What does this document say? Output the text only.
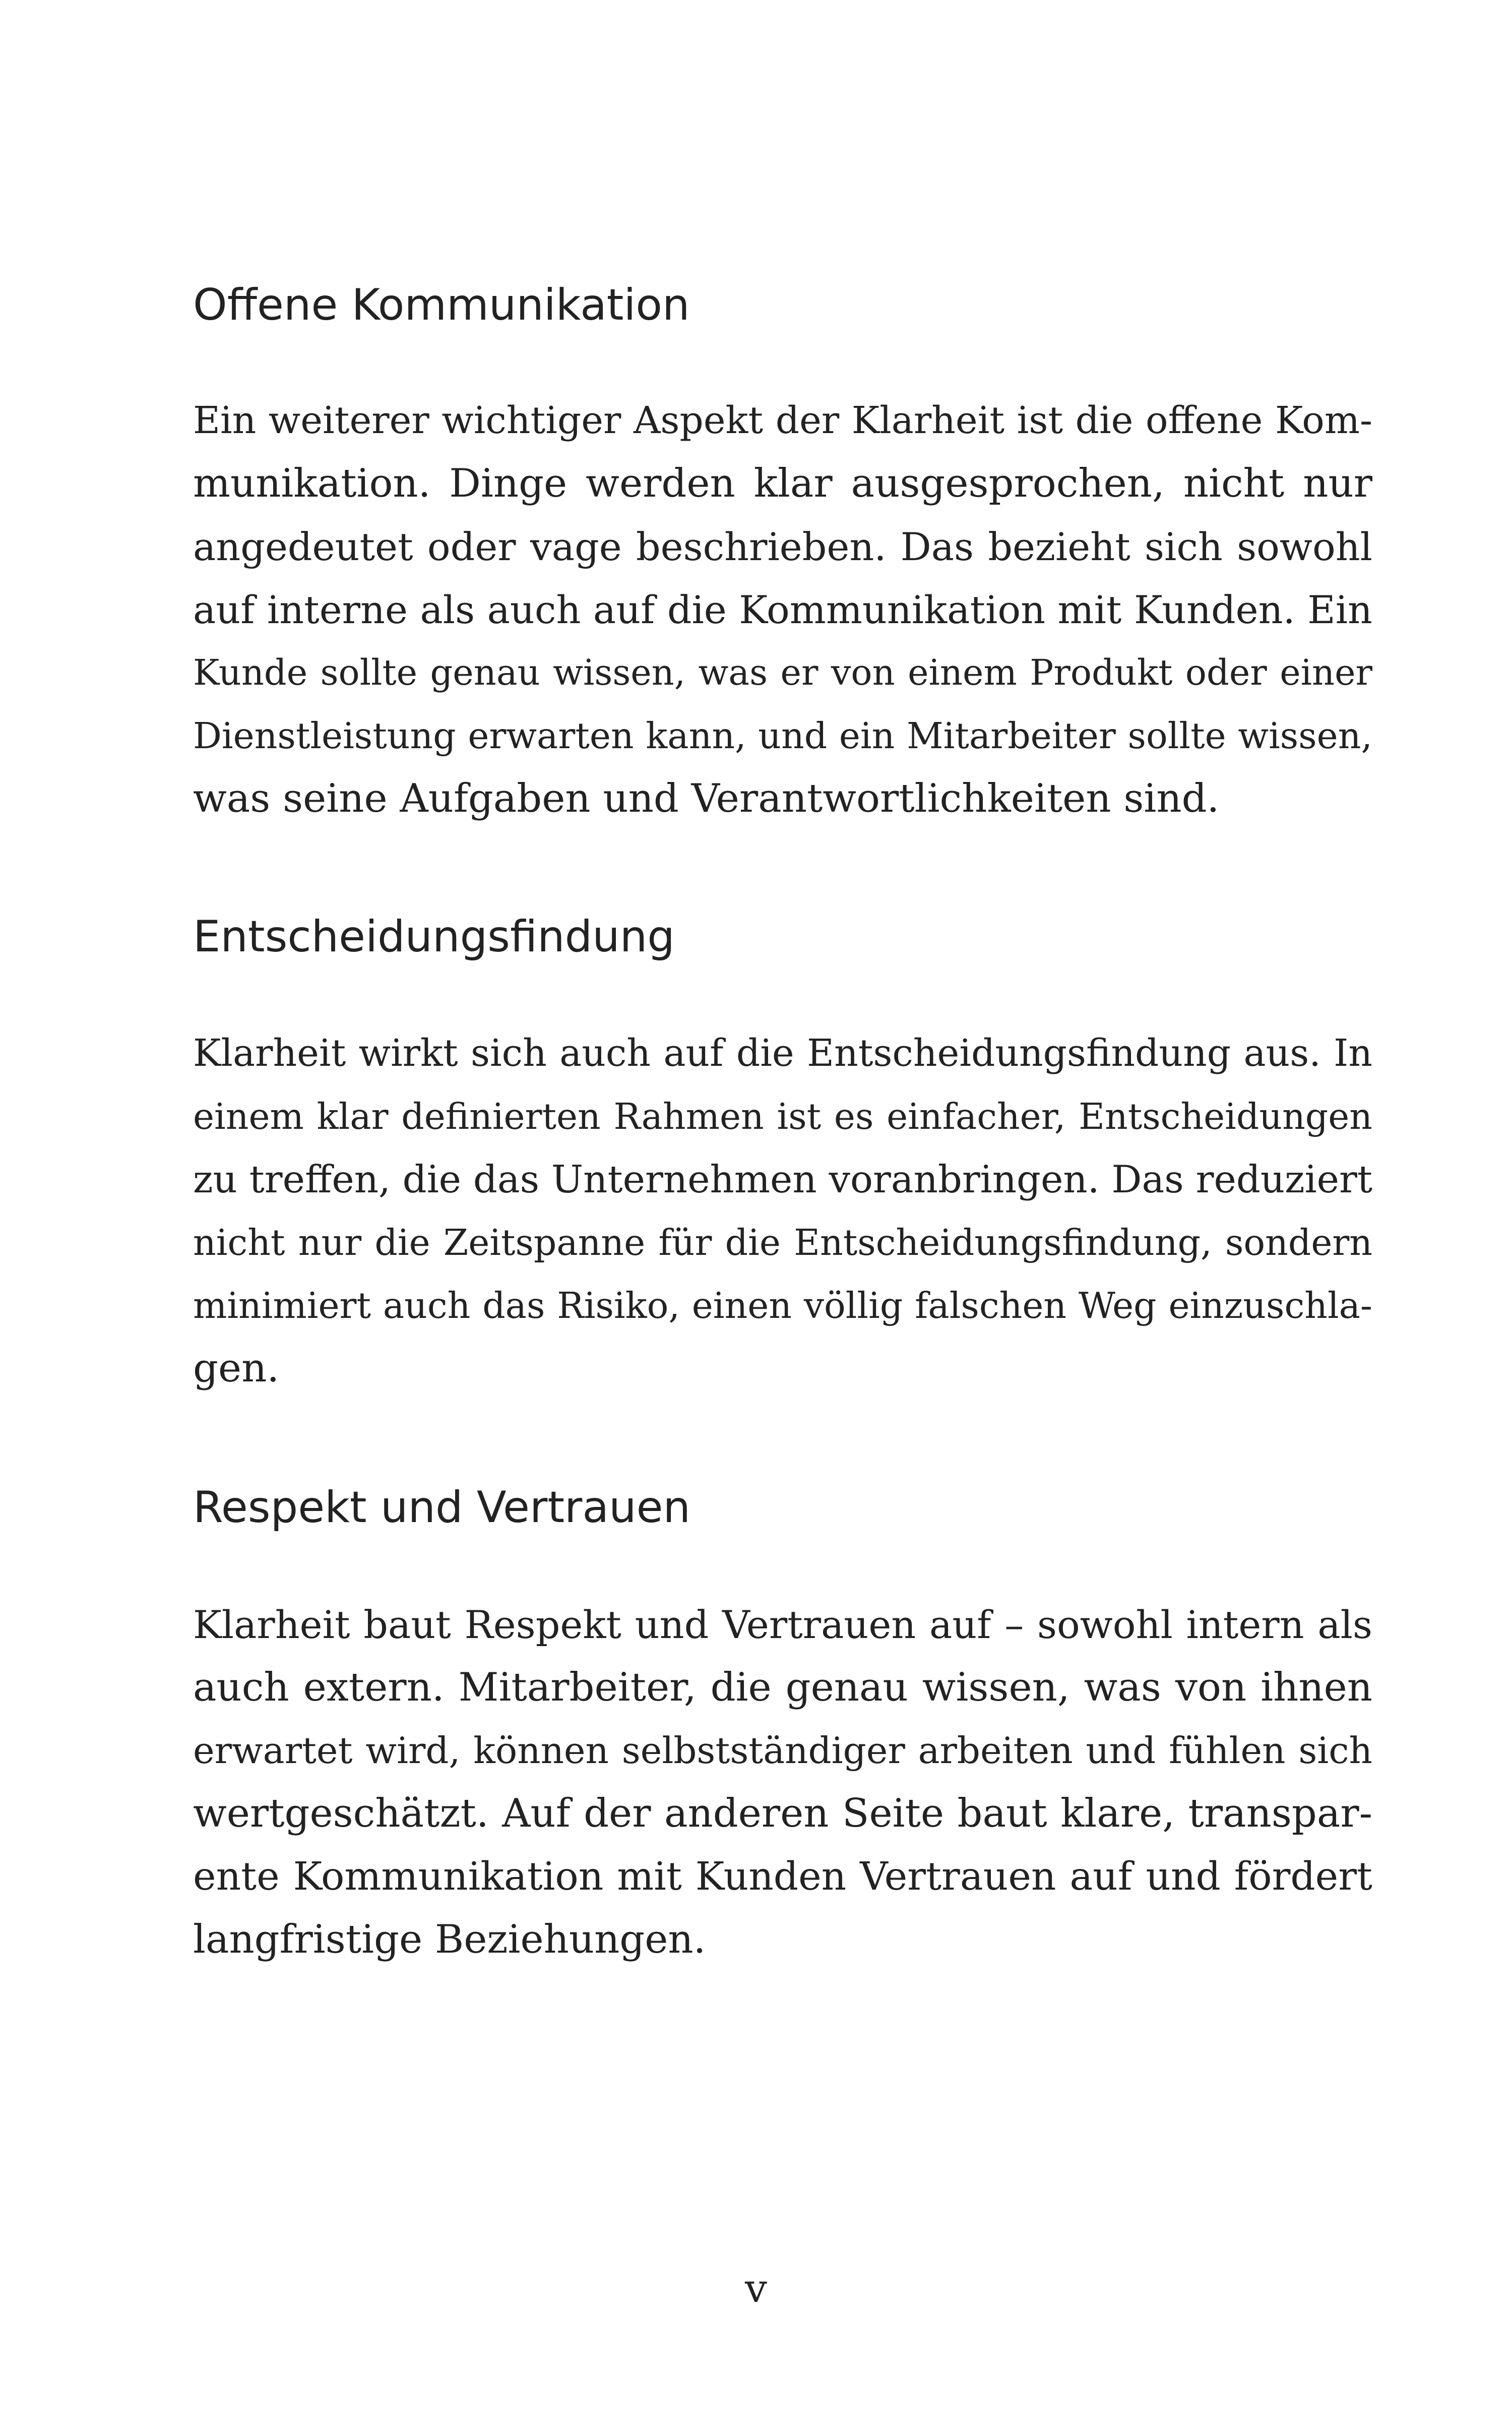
Offene Kommunikation
Ein weiterer wichtiger Aspekt der Klarheit ist die offene Kom-
munikation. Dinge werden klar ausgesprochen, nicht nur
angedeutet oder vage beschrieben. Das bezieht sich sowohl
auf interne als auch auf die Kommunikation mit Kunden. Ein
Kunde sollte genau wissen, was er von einem Produkt oder einer
Dienstleistung erwarten kann, und ein Mitarbeiter sollte wissen,
was seine Aufgaben und Verantwortlichkeiten sind.
Entscheidungsfindung
Klarheit wirkt sich auch auf die Entscheidungsfindung aus. In
einem klar definierten Rahmen ist es einfacher, Entscheidungen
zu treffen, die das Unternehmen voranbringen. Das reduziert
nicht nur die Zeitspanne für die Entscheidungsfindung, sondern
minimiert auch das Risiko, einen völlig falschen Weg einzuschla-
gen.
Respekt und Vertrauen
Klarheit baut Respekt und Vertrauen auf – sowohl intern als
auch extern. Mitarbeiter, die genau wissen, was von ihnen
erwartet wird, können selbstständiger arbeiten und fühlen sich
wertgeschätzt. Auf der anderen Seite baut klare, transpar-
ente Kommunikation mit Kunden Vertrauen auf und fördert
langfristige Beziehungen.
v
